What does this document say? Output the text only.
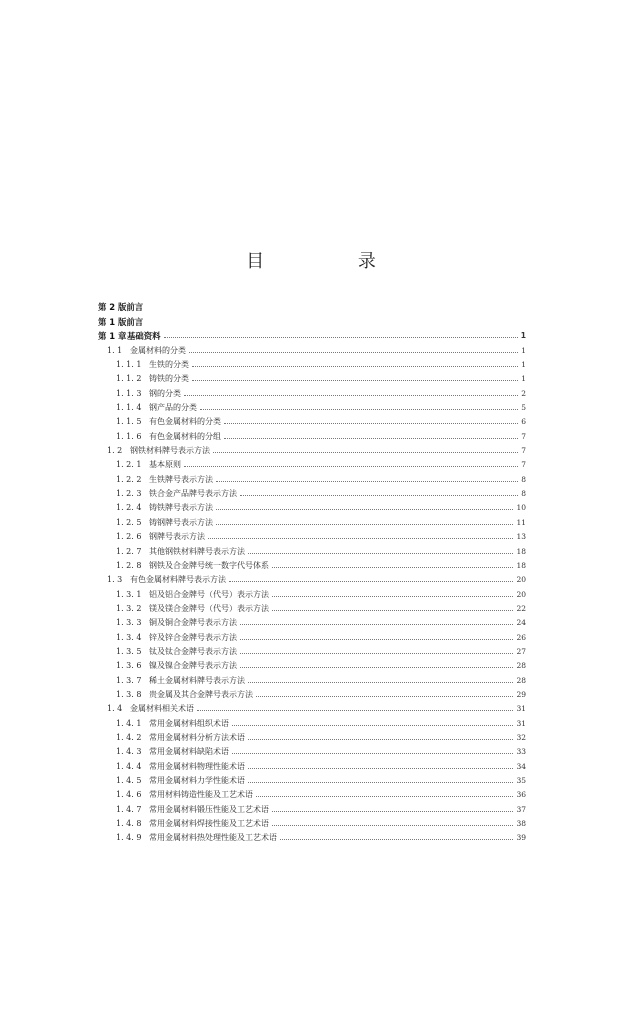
目 录
第 2 版前言
第 1 版前言
第 1 章 基础资料	1
1. 1 金属材料的分类	1
1. 1. 1 生铁的分类	1
1. 1. 2 铸铁的分类	1
1. 1. 3 钢的分类	2
1. 1. 4 钢产品的分类	5
1. 1. 5 有色金属材料的分类	6
1. 1. 6 有色金属材料的分组	7
1. 2 钢铁材料牌号表示方法	7
1. 2. 1 基本原则	7
1. 2. 2 生铁牌号表示方法	8
1. 2. 3 铁合金产品牌号表示方法	8
1. 2. 4 铸铁牌号表示方法	10
1. 2. 5 铸钢牌号表示方法	11
1. 2. 6 钢牌号表示方法	13
1. 2. 7 其他钢铁材料牌号表示方法	18
1. 2. 8 钢铁及合金牌号统一数字代号体系	18
1. 3 有色金属材料牌号表示方法	20
1. 3. 1 铝及铝合金牌号（代号）表示方法	20
1. 3. 2 镁及镁合金牌号（代号）表示方法	22
1. 3. 3 铜及铜合金牌号表示方法	24
1. 3. 4 锌及锌合金牌号表示方法	26
1. 3. 5 钛及钛合金牌号表示方法	27
1. 3. 6 镍及镍合金牌号表示方法	28
1. 3. 7 稀土金属材料牌号表示方法	28
1. 3. 8 贵金属及其合金牌号表示方法	29
1. 4 金属材料相关术语	31
1. 4. 1 常用金属材料组织术语	31
1. 4. 2 常用金属材料分析方法术语	32
1. 4. 3 常用金属材料缺陷术语	33
1. 4. 4 常用金属材料物理性能术语	34
1. 4. 5 常用金属材料力学性能术语	35
1. 4. 6 常用材料铸造性能及工艺术语	36
1. 4. 7 常用金属材料锻压性能及工艺术语	37
1. 4. 8 常用金属材料焊接性能及工艺术语	38
1. 4. 9 常用金属材料热处理性能及工艺术语	39
